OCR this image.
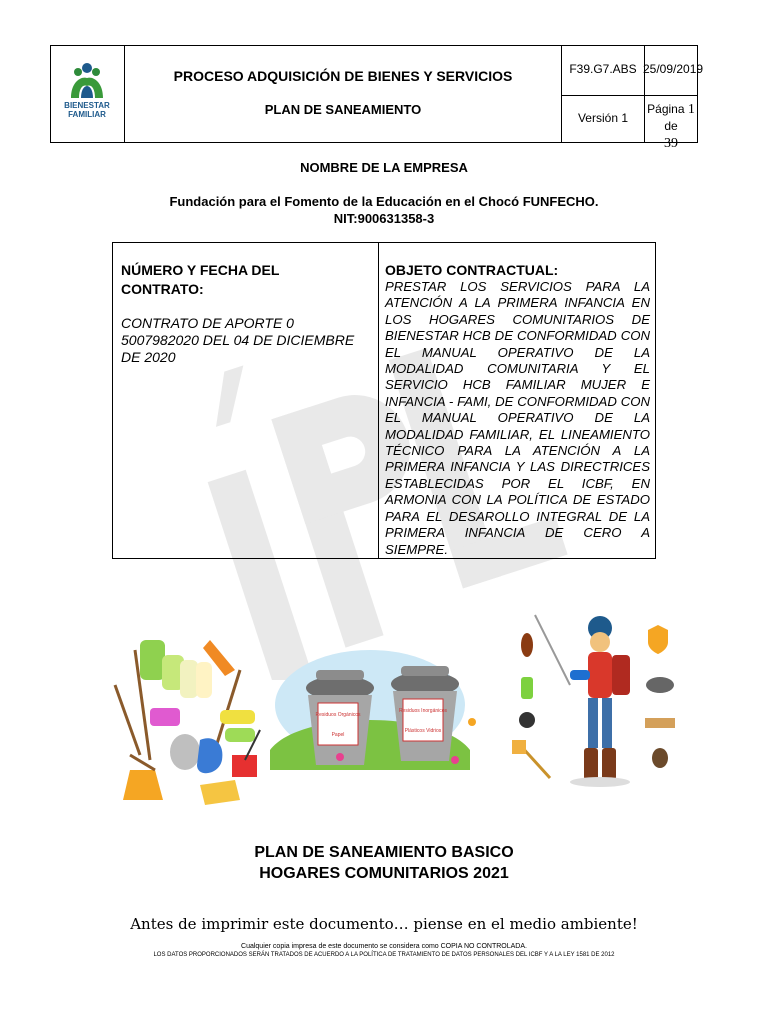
BIENESTAR
FAMILIAR
PROCESO ADQUISICIÓN DE BIENES Y SERVICIOS
PLAN DE SANEAMIENTO
F39.G7.ABS 25/09/2019
Versión 1
Página 1 de
39
NOMBRE DE LA EMPRESA
Fundación para el Fomento de la Educación en el Chocó FUNFECHO.
NIT:900631358-3
NÚMERO Y FECHA DEL CONTRATO:
CONTRATO DE APORTE 0 5007982020 DEL 04 DE DICIEMBRE DE 2020
OBJETO CONTRACTUAL:
PRESTAR LOS SERVICIOS PARA LA ATENCIÓN A LA PRIMERA INFANCIA EN LOS HOGARES COMUNITARIOS DE BIENESTAR HCB DE CONFORMIDAD CON EL MANUAL OPERATIVO DE LA MODALIDAD COMUNITARIA Y EL SERVICIO HCB FAMILIAR MUJER E INFANCIA - FAMI, DE CONFORMIDAD CON EL MANUAL OPERATIVO DE LA MODALIDAD FAMILIAR, EL LINEAMIENTO TÉCNICO PARA LA ATENCIÓN A LA PRIMERA INFANCIA Y LAS DIRECTRICES ESTABLECIDAS POR EL ICBF, EN ARMONIA CON LA POLÍTICA DE ESTADO PARA EL DESAROLLO INTEGRAL DE LA PRIMERA INFANCIA DE CERO A SIEMPRE.
Residuos Orgánicos
Papel
Residuos Inorgánicos
Plásticos Vidrios
PLAN DE SANEAMIENTO BASICO
HOGARES COMUNITARIOS 2021
Antes de imprimir este documento… piense en el medio ambiente!
Cualquier copia impresa de este documento se considera como COPIA NO CONTROLADA.
LOS DATOS PROPORCIONADOS SERÁN TRATADOS DE ACUERDO A LA POLÍTICA DE TRATAMIENTO DE DATOS PERSONALES DEL ICBF Y A LA LEY 1581 DE 2012
